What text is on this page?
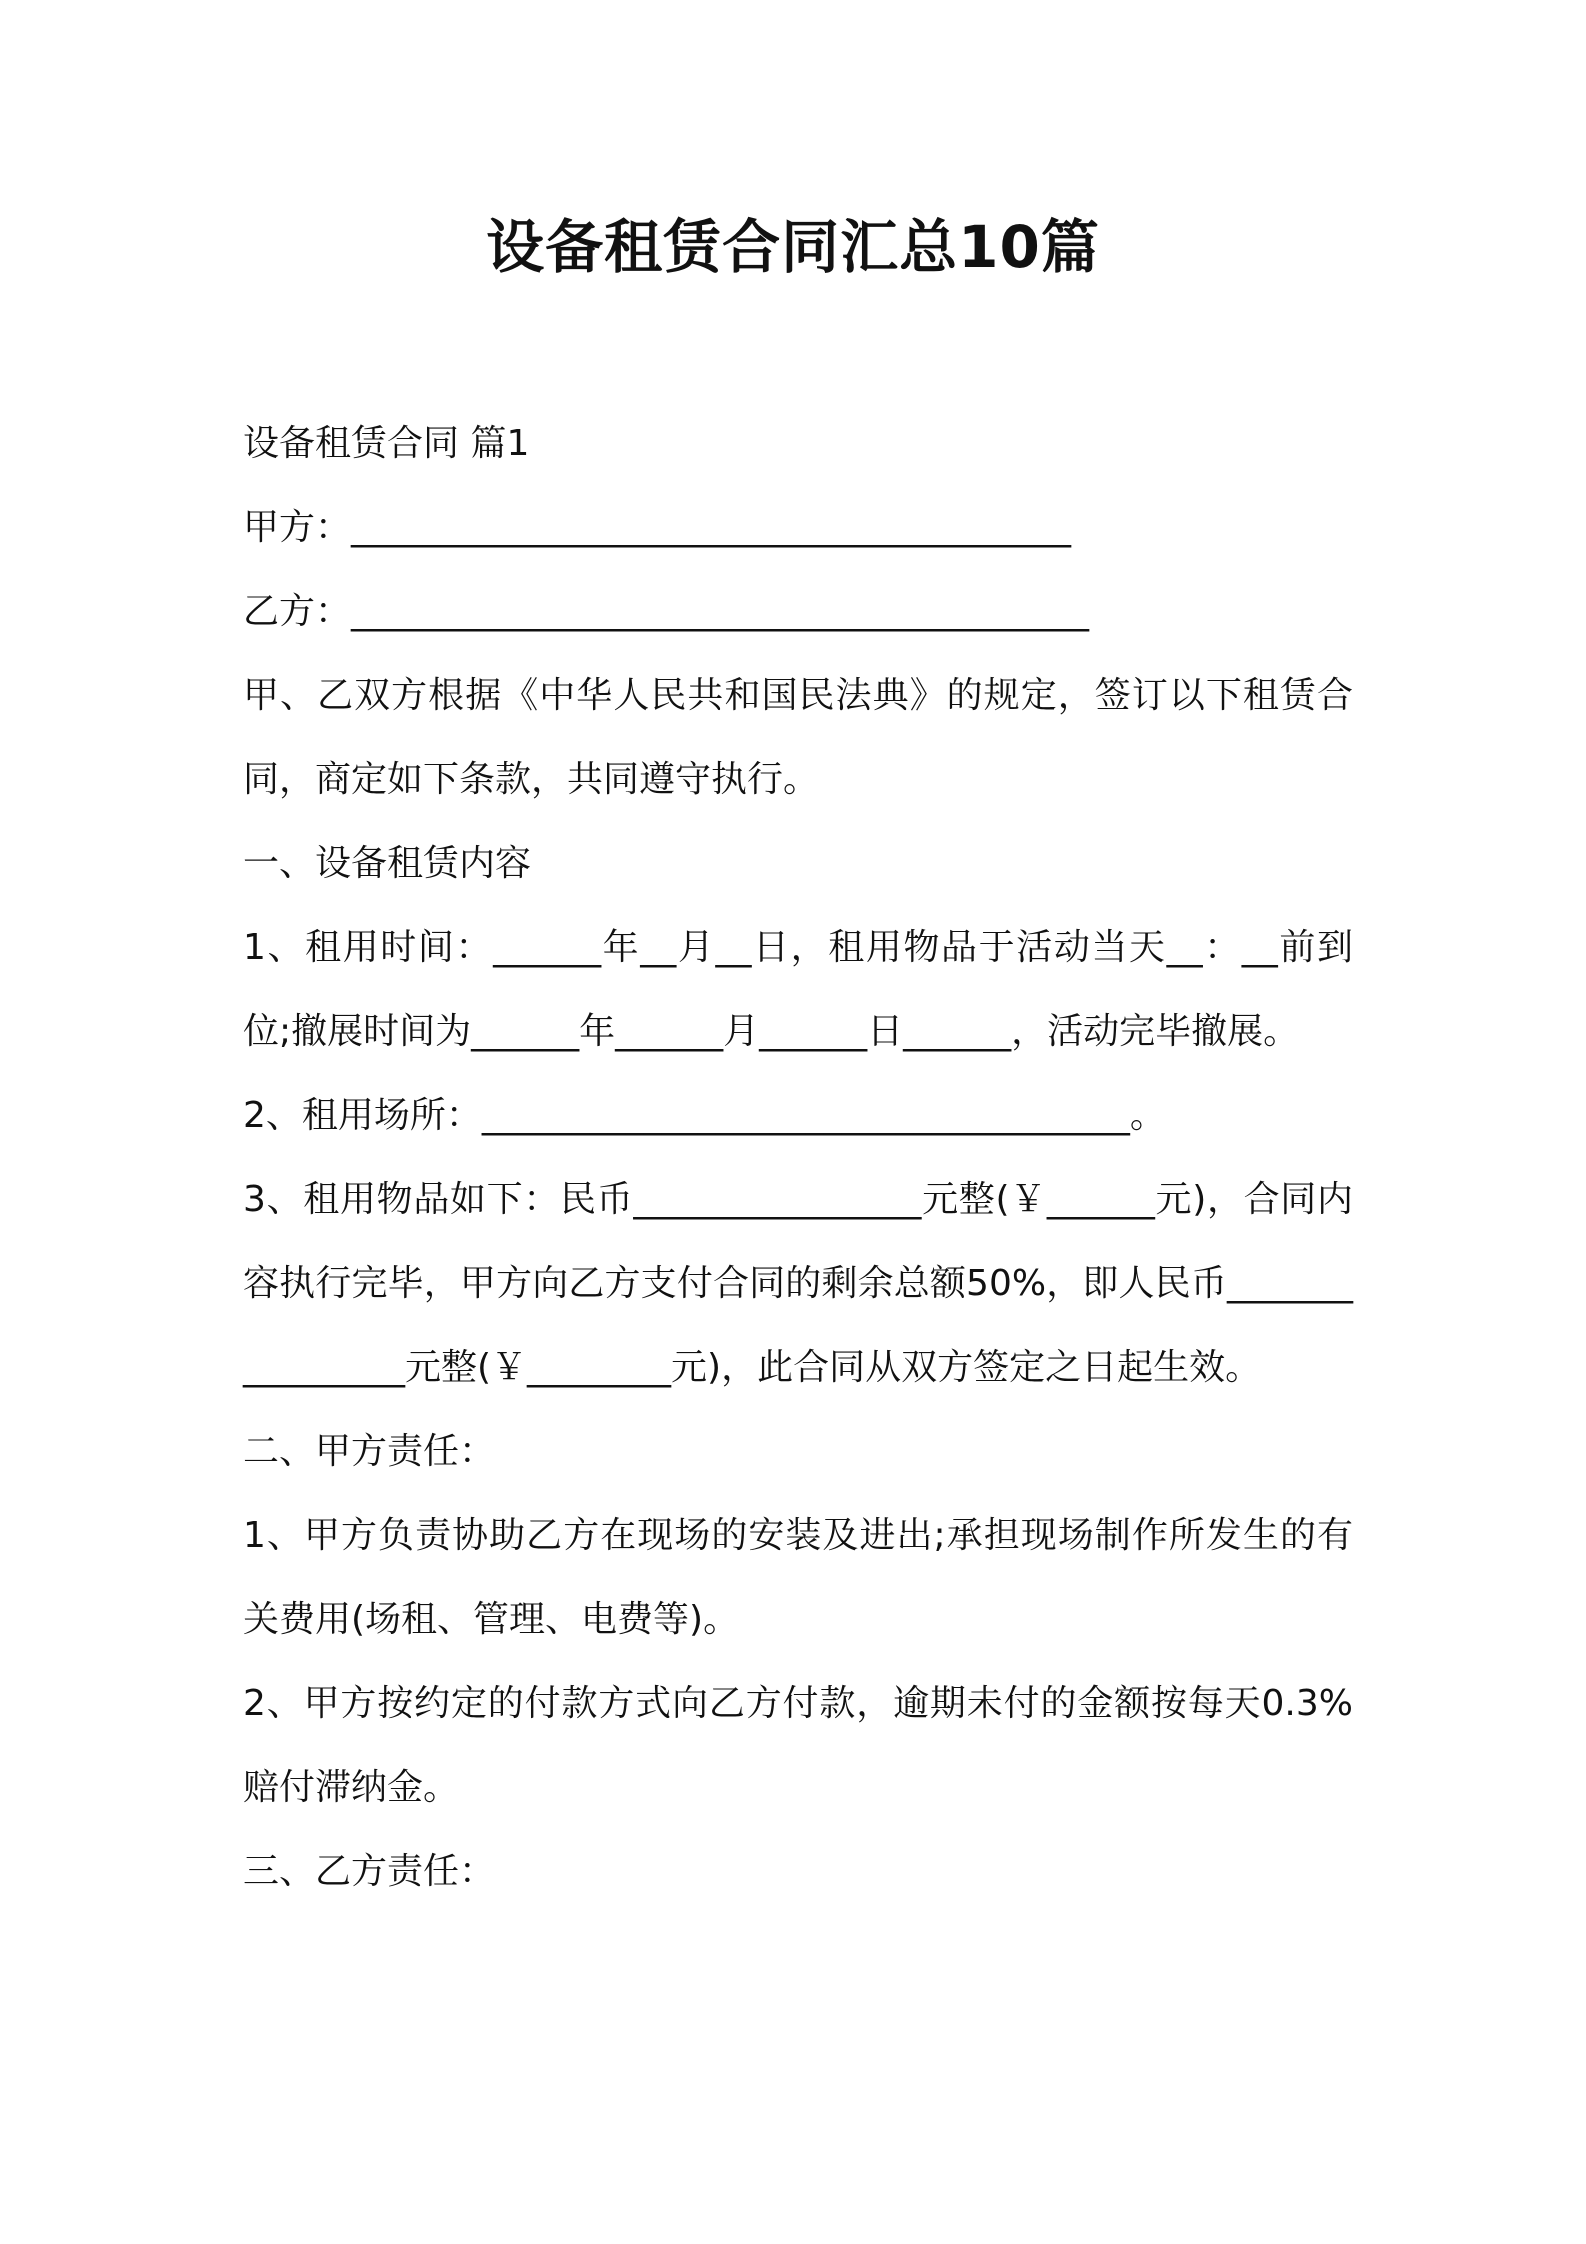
设备租赁合同汇总10篇

设备租赁合同 篇1

甲方：________________________________________

乙方：_________________________________________

甲、乙双方根据《中华人民共和国民法典》的规定，签订以下租赁合同，商定如下条款，共同遵守执行。

一、设备租赁内容

1、租用时间：______年__月__日，租用物品于活动当天__：__前到位;撤展时间为______年______月______日______，活动完毕撤展。

2、租用场所：____________________________________。

3、租用物品如下：民币________________元整(￥______元)，合同内容执行完毕，甲方向乙方支付合同的剩余总额50%，即人民币________________元整(￥________元)，此合同从双方签定之日起生效。

二、甲方责任：

1、甲方负责协助乙方在现场的安装及进出;承担现场制作所发生的有关费用(场租、管理、电费等)。

2、甲方按约定的付款方式向乙方付款，逾期未付的金额按每天0.3%赔付滞纳金。

三、乙方责任：
